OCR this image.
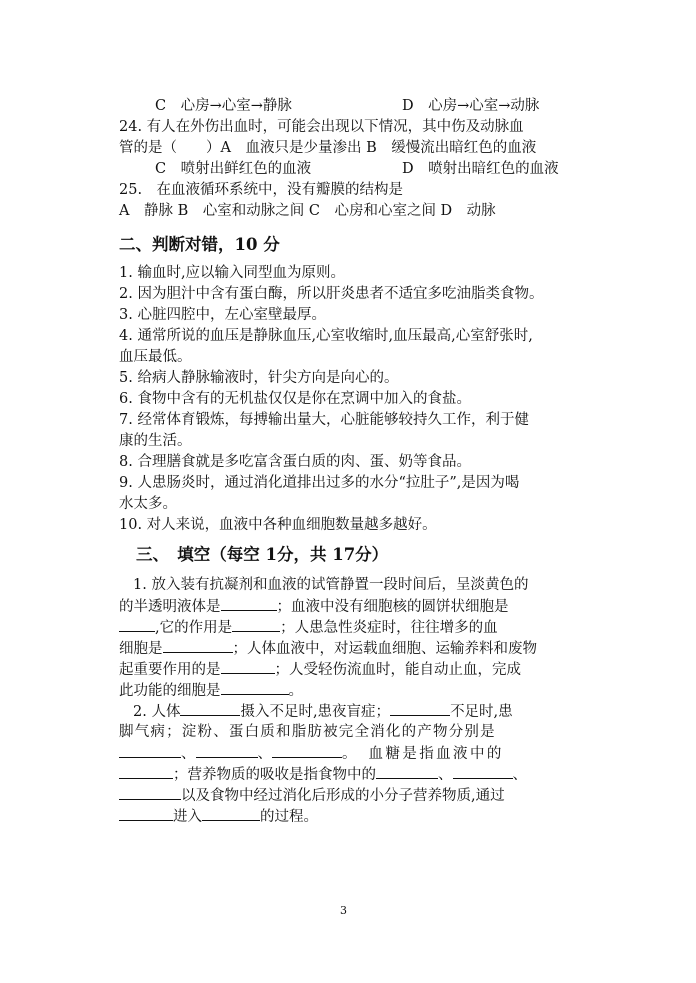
C　心房→心室→静脉	D　心房→心室→动脉
24. 有人在外伤出血时，可能会出现以下情况，其中伤及动脉血
管的是（　　）A　血液只是少量渗出 B　缓慢流出暗红色的血液
C　喷射出鲜红色的血液	D　喷射出暗红色的血液
25.　在血液循环系统中，没有瓣膜的结构是
A　静脉 B　心室和动脉之间 C　心房和心室之间 D　动脉
二、判断对错，10 分
1. 输血时,应以输入同型血为原则。
2. 因为胆汁中含有蛋白酶，所以肝炎患者不适宜多吃油脂类食物。
3. 心脏四腔中，左心室壁最厚。
4. 通常所说的血压是静脉血压,心室收缩时,血压最高,心室舒张时,
血压最低。
5. 给病人静脉输液时，针尖方向是向心的。
6. 食物中含有的无机盐仅仅是你在烹调中加入的食盐。
7. 经常体育锻炼，每搏输出量大，心脏能够较持久工作，利于健
康的生活。
8. 合理膳食就是多吃富含蛋白质的肉、蛋、奶等食品。
9. 人患肠炎时，通过消化道排出过多的水分“拉肚子”,是因为喝
水太多。
10. 对人来说，血液中各种血细胞数量越多越好。
三、　填空（每空 1分，共 17分）
1. 放入装有抗凝剂和血液的试管静置一段时间后，呈淡黄色的
的半透明液体是	；血液中没有细胞核的圆饼状细胞是
,它的作用是	；人患急性炎症时，往往增多的血
细胞是	；人体血液中，对运载血细胞、运输养料和废物
起重要作用的是	；人受轻伤流血时，能自动止血，完成
此功能的细胞是	。
2. 人体	摄入不足时,患夜盲症；	不足时,患
脚气病；淀粉、蛋白质和脂肪被完全消化的产物分别是
、	、	。　血糖是指血液中的
；营养物质的吸收是指食物中的	、	、
以及食物中经过消化后形成的小分子营养物质,通过
进入	的过程。
3
